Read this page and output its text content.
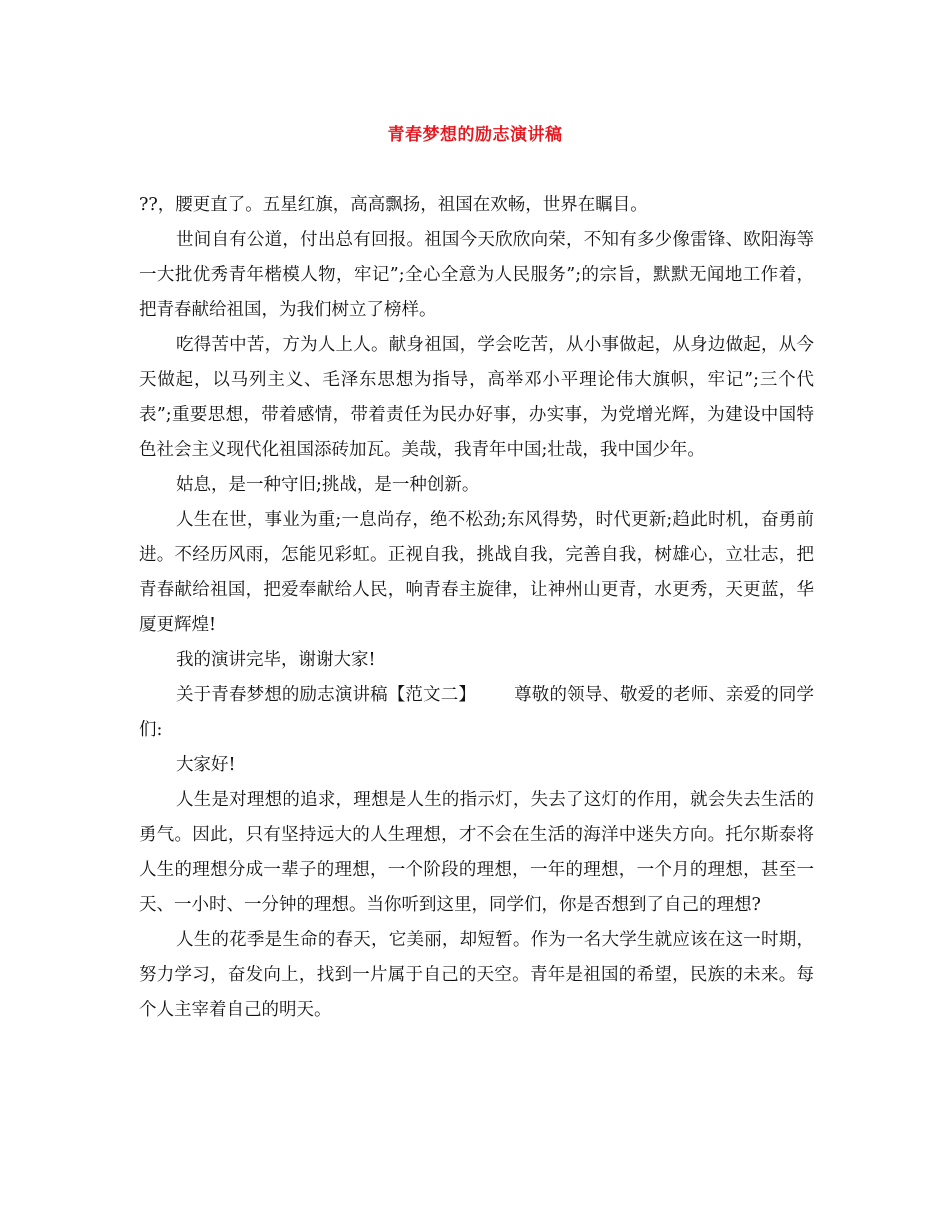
青春梦想的励志演讲稿

??，腰更直了。五星红旗，高高飘扬，祖国在欢畅，世界在瞩目。

世间自有公道，付出总有回报。祖国今天欣欣向荣，不知有多少像雷锋、欧阳海等一大批优秀青年楷模人物，牢记”;全心全意为人民服务”;的宗旨，默默无闻地工作着，把青春献给祖国，为我们树立了榜样。

吃得苦中苦，方为人上人。献身祖国，学会吃苦，从小事做起，从身边做起，从今天做起，以马列主义、毛泽东思想为指导，高举邓小平理论伟大旗帜，牢记”;三个代表”;重要思想，带着感情，带着责任为民办好事，办实事，为党增光辉，为建设中国特色社会主义现代化祖国添砖加瓦。美哉，我青年中国;壮哉，我中国少年。

姑息，是一种守旧;挑战，是一种创新。

人生在世，事业为重;一息尚存，绝不松劲;东风得势，时代更新;趋此时机，奋勇前进。不经历风雨，怎能见彩虹。正视自我，挑战自我，完善自我，树雄心，立壮志，把青春献给祖国，把爱奉献给人民，响青春主旋律，让神州山更青，水更秀，天更蓝，华厦更辉煌!

我的演讲完毕，谢谢大家!

关于青春梦想的励志演讲稿【范文二】 尊敬的领导、敬爱的老师、亲爱的同学们:

大家好!

人生是对理想的追求，理想是人生的指示灯，失去了这灯的作用，就会失去生活的勇气。因此，只有坚持远大的人生理想，才不会在生活的海洋中迷失方向。托尔斯泰将人生的理想分成一辈子的理想，一个阶段的理想，一年的理想，一个月的理想，甚至一天、一小时、一分钟的理想。当你听到这里，同学们，你是否想到了自己的理想?

人生的花季是生命的春天，它美丽，却短暂。作为一名大学生就应该在这一时期，努力学习，奋发向上，找到一片属于自己的天空。青年是祖国的希望，民族的未来。每个人主宰着自己的明天。
